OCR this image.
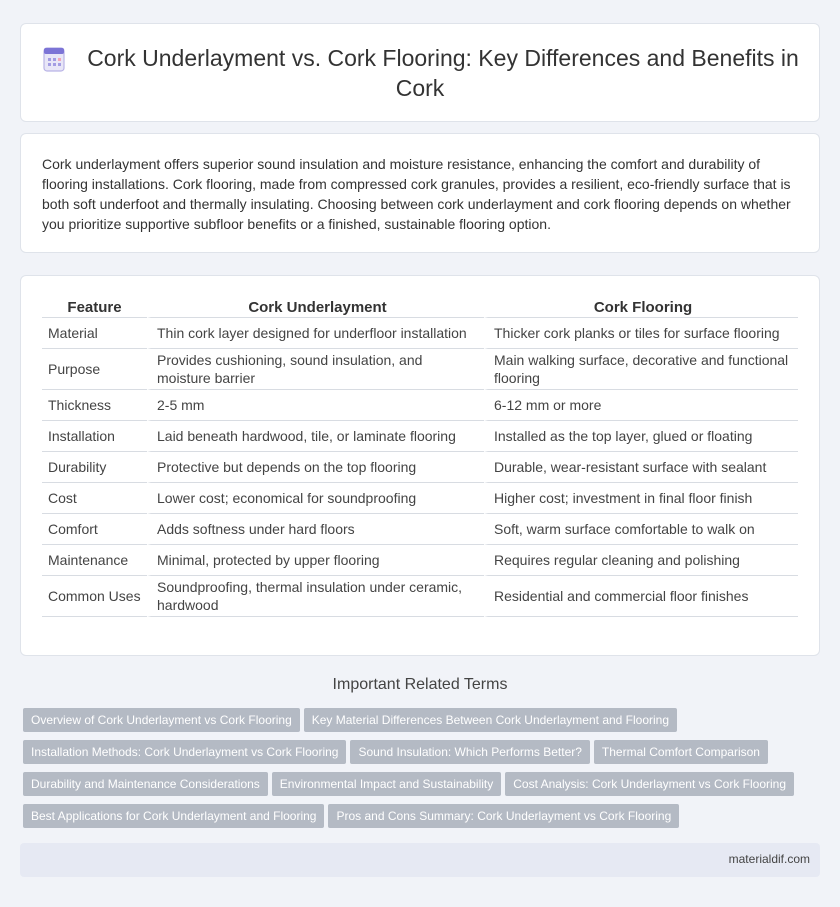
Cork Underlayment vs. Cork Flooring: Key Differences and Benefits in Cork

Cork underlayment offers superior sound insulation and moisture resistance, enhancing the comfort and durability of flooring installations. Cork flooring, made from compressed cork granules, provides a resilient, eco-friendly surface that is both soft underfoot and thermally insulating. Choosing between cork underlayment and cork flooring depends on whether you prioritize supportive subfloor benefits or a finished, sustainable flooring option.

Feature	Cork Underlayment	Cork Flooring
Material	Thin cork layer designed for underfloor installation	Thicker cork planks or tiles for surface flooring
Purpose	Provides cushioning, sound insulation, and moisture barrier	Main walking surface, decorative and functional flooring
Thickness	2-5 mm	6-12 mm or more
Installation	Laid beneath hardwood, tile, or laminate flooring	Installed as the top layer, glued or floating
Durability	Protective but depends on the top flooring	Durable, wear-resistant surface with sealant
Cost	Lower cost; economical for soundproofing	Higher cost; investment in final floor finish
Comfort	Adds softness under hard floors	Soft, warm surface comfortable to walk on
Maintenance	Minimal, protected by upper flooring	Requires regular cleaning and polishing
Common Uses	Soundproofing, thermal insulation under ceramic, hardwood	Residential and commercial floor finishes
Important Related Terms
Overview of Cork Underlayment vs Cork Flooring Key Material Differences Between Cork Underlayment and Flooring
Installation Methods: Cork Underlayment vs Cork Flooring Sound Insulation: Which Performs Better? Thermal Comfort Comparison
Durability and Maintenance Considerations Environmental Impact and Sustainability Cost Analysis: Cork Underlayment vs Cork Flooring
Best Applications for Cork Underlayment and Flooring Pros and Cons Summary: Cork Underlayment vs Cork Flooring
materialdif.com
